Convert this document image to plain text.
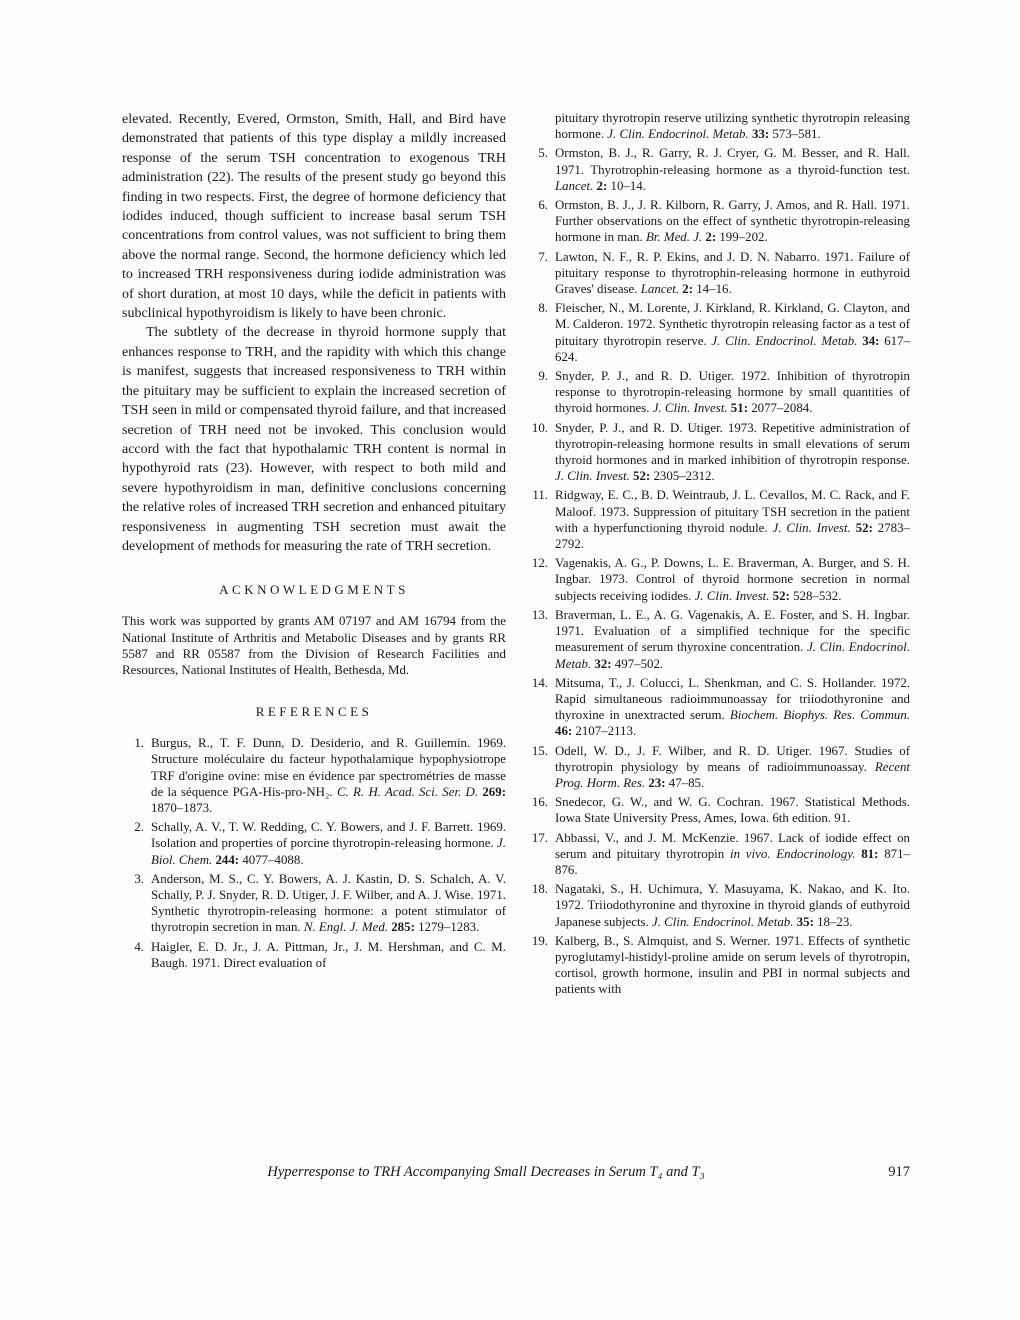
elevated. Recently, Evered, Ormston, Smith, Hall, and Bird have demonstrated that patients of this type display a mildly increased response of the serum TSH concentration to exogenous TRH administration (22). The results of the present study go beyond this finding in two respects. First, the degree of hormone deficiency that iodides induced, though sufficient to increase basal serum TSH concentrations from control values, was not sufficient to bring them above the normal range. Second, the hormone deficiency which led to increased TRH responsiveness during iodide administration was of short duration, at most 10 days, while the deficit in patients with subclinical hypothyroidism is likely to have been chronic.

The subtlety of the decrease in thyroid hormone supply that enhances response to TRH, and the rapidity with which this change is manifest, suggests that increased responsiveness to TRH within the pituitary may be sufficient to explain the increased secretion of TSH seen in mild or compensated thyroid failure, and that increased secretion of TRH need not be invoked. This conclusion would accord with the fact that hypothalamic TRH content is normal in hypothyroid rats (23). However, with respect to both mild and severe hypothyroidism in man, definitive conclusions concerning the relative roles of increased TRH secretion and enhanced pituitary responsiveness in augmenting TSH secretion must await the development of methods for measuring the rate of TRH secretion.

ACKNOWLEDGMENTS

This work was supported by grants AM 07197 and AM 16794 from the National Institute of Arthritis and Metabolic Diseases and by grants RR 5587 and RR 05587 from the Division of Research Facilities and Resources, National Institutes of Health, Bethesda, Md.

REFERENCES
1. Burgus, R., T. F. Dunn, D. Desiderio, and R. Guillemin. 1969. Structure moléculaire du facteur hypothalamique hypophysiotrope TRF d'origine ovine: mise en évidence par spectrométries de masse de la séquence PGA-His-pro-NH₂. C. R. H. Acad. Sci. Ser. D. 269: 1870–1873.
2. Schally, A. V., T. W. Redding, C. Y. Bowers, and J. F. Barrett. 1969. Isolation and properties of porcine thyrotropin-releasing hormone. J. Biol. Chem. 244: 4077–4088.
3. Anderson, M. S., C. Y. Bowers, A. J. Kastin, D. S. Schalch, A. V. Schally, P. J. Snyder, R. D. Utiger, J. F. Wilber, and A. J. Wise. 1971. Synthetic thyrotropin-releasing hormone: a potent stimulator of thyrotropin secretion in man. N. Engl. J. Med. 285: 1279–1283.
4. Haigler, E. D. Jr., J. A. Pittman, Jr., J. M. Hershman, and C. M. Baugh. 1971. Direct evaluation of

pituitary thyrotropin reserve utilizing synthetic thyrotropin releasing hormone. J. Clin. Endocrinol. Metab. 33: 573–581.

5. Ormston, B. J., R. Garry, R. J. Cryer, G. M. Besser, and R. Hall. 1971. Thyrotrophin-releasing hormone as a thyroid-function test. Lancet. 2: 10–14.
6. Ormston, B. J., J. R. Kilborn, R. Garry, J. Amos, and R. Hall. 1971. Further observations on the effect of synthetic thyrotropin-releasing hormone in man. Br. Med. J. 2: 199–202.
7. Lawton, N. F., R. P. Ekins, and J. D. N. Nabarro. 1971. Failure of pituitary response to thyrotrophin-releasing hormone in euthyroid Graves' disease. Lancet. 2: 14–16.
8. Fleischer, N., M. Lorente, J. Kirkland, R. Kirkland, G. Clayton, and M. Calderon. 1972. Synthetic thyrotropin releasing factor as a test of pituitary thyrotropin reserve. J. Clin. Endocrinol. Metab. 34: 617–624.
9. Snyder, P. J., and R. D. Utiger. 1972. Inhibition of thyrotropin response to thyrotropin-releasing hormone by small quantities of thyroid hormones. J. Clin. Invest. 51: 2077–2084.
10. Snyder, P. J., and R. D. Utiger. 1973. Repetitive administration of thyrotropin-releasing hormone results in small elevations of serum thyroid hormones and in marked inhibition of thyrotropin response. J. Clin. Invest. 52: 2305–2312.
11. Ridgway, E. C., B. D. Weintraub, J. L. Cevallos, M. C. Rack, and F. Maloof. 1973. Suppression of pituitary TSH secretion in the patient with a hyperfunctioning thyroid nodule. J. Clin. Invest. 52: 2783–2792.
12. Vagenakis, A. G., P. Downs, L. E. Braverman, A. Burger, and S. H. Ingbar. 1973. Control of thyroid hormone secretion in normal subjects receiving iodides. J. Clin. Invest. 52: 528–532.
13. Braverman, L. E., A. G. Vagenakis, A. E. Foster, and S. H. Ingbar. 1971. Evaluation of a simplified technique for the specific measurement of serum thyroxine concentration. J. Clin. Endocrinol. Metab. 32: 497–502.
14. Mitsuma, T., J. Colucci, L. Shenkman, and C. S. Hollander. 1972. Rapid simultaneous radioimmunoassay for triiodothyronine and thyroxine in unextracted serum. Biochem. Biophys. Res. Commun. 46: 2107–2113.
15. Odell, W. D., J. F. Wilber, and R. D. Utiger. 1967. Studies of thyrotropin physiology by means of radioimmunoassay. Recent Prog. Horm. Res. 23: 47–85.
16. Snedecor, G. W., and W. G. Cochran. 1967. Statistical Methods. Iowa State University Press, Ames, Iowa. 6th edition. 91.
17. Abbassi, V., and J. M. McKenzie. 1967. Lack of iodide effect on serum and pituitary thyrotropin in vivo. Endocrinology. 81: 871–876.
18. Nagataki, S., H. Uchimura, Y. Masuyama, K. Nakao, and K. Ito. 1972. Triiodothyronine and thyroxine in thyroid glands of euthyroid Japanese subjects. J. Clin. Endocrinol. Metab. 35: 18–23.
19. Kalberg, B., S. Almquist, and S. Werner. 1971. Effects of synthetic pyroglutamyl-histidyl-proline amide on serum levels of thyrotropin, cortisol, growth hormone, insulin and PBI in normal subjects and patients with
Hyperresponse to TRH Accompanying Small Decreases in Serum T₄ and T₃	917
